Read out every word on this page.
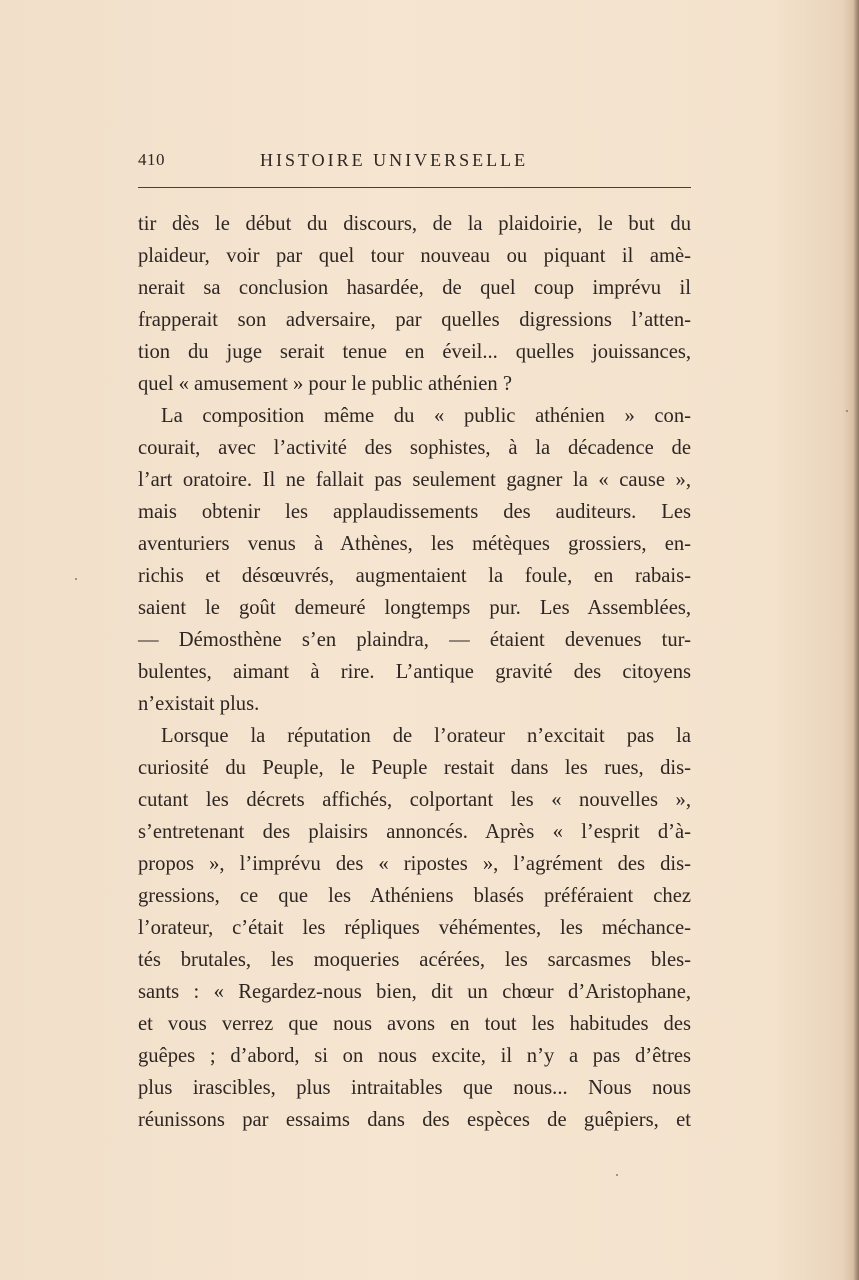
410	HISTOIRE UNIVERSELLE
tir dès le début du discours, de la plaidoirie, le but du
plaideur, voir par quel tour nouveau ou piquant il amè-
nerait sa conclusion hasardée, de quel coup imprévu il
frapperait son adversaire, par quelles digressions l’atten-
tion du juge serait tenue en éveil... quelles jouissances,
quel « amusement » pour le public athénien ?
La composition même du « public athénien » con-
courait, avec l’activité des sophistes, à la décadence de
l’art oratoire. Il ne fallait pas seulement gagner la « cause »,
mais obtenir les applaudissements des auditeurs. Les
aventuriers venus à Athènes, les métèques grossiers, en-
richis et désœuvrés, augmentaient la foule, en rabais-
saient le goût demeuré longtemps pur. Les Assemblées,
— Démosthène s’en plaindra, — étaient devenues tur-
bulentes, aimant à rire. L’antique gravité des citoyens
n’existait plus.
Lorsque la réputation de l’orateur n’excitait pas la
curiosité du Peuple, le Peuple restait dans les rues, dis-
cutant les décrets affichés, colportant les « nouvelles »,
s’entretenant des plaisirs annoncés. Après « l’esprit d’à-
propos », l’imprévu des « ripostes », l’agrément des dis-
gressions, ce que les Athéniens blasés préféraient chez
l’orateur, c’était les répliques véhémentes, les méchance-
tés brutales, les moqueries acérées, les sarcasmes bles-
sants : « Regardez-nous bien, dit un chœur d’Aristophane,
et vous verrez que nous avons en tout les habitudes des
guêpes ; d’abord, si on nous excite, il n’y a pas d’êtres
plus irascibles, plus intraitables que nous... Nous nous
réunissons par essaims dans des espèces de guêpiers, et
